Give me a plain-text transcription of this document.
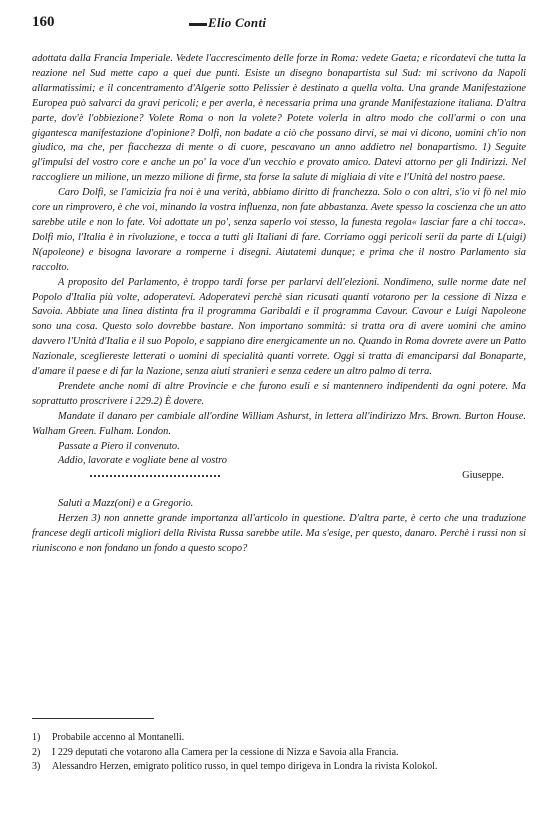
160	Elio Conti

adottata dalla Francia Imperiale. Vedete l'accrescimento delle forze in Roma: vedete Gaeta; e ricordatevi che tutta la reazione nel Sud mette capo a quei due punti. Esiste un disegno bonapartista sul Sud: mi scrivono da Napoli allarmatissimi; e il concentramento d'Algerie sotto Pelissier è destinato a quella volta. Una grande Manifestazione Europea può salvarci da gravi pericoli; e per averla, è necessaria prima una grande Manifestazione italiana. D'altra parte, dov'è l'obbiezione? Volete Roma o non la volete? Potete volerla in altro modo che coll'armi o con una gigantesca manifestazione d'opinione? Dolfi, non badate a ciò che possano dirvi, se mai vi dicono, uomini ch'io non giudico, ma che, per fiacchezza di mente o di cuore, pescavano un anno addietro nel bonapartismo. 1) Seguite gl'impulsi del vostro core e anche un po' la voce d'un vecchio e provato amico. Datevi attorno per gli Indirizzi. Nel raccogliere un milione, un mezzo milione di firme, sta forse la salute di migliaia di vite e l'Unità del nostro paese.

Caro Dolfi, se l'amicizia fra noi è una verità, abbiamo diritto di franchezza. Solo o con altri, s'io vi fò nel mio core un rimprovero, è che voi, minando la vostra influenza, non fate abbastanza. Avete spesso la coscienza che un atto sarebbe utile e non lo fate. Voi adottate un po', senza saperlo voi stesso, la funesta regola« lasciar fare a chi tocca». Dolfi mio, l'Italia è in rivoluzione, e tocca a tutti gli Italiani di fare. Corriamo oggi pericoli serii da parte di L(uigi) N(apoleone) e bisogna lavorare a romperne i disegni. Aiutatemi dunque; e prima che il nostro Parlamento sia raccolto.

A proposito del Parlamento, è troppo tardi forse per parlarvi dell'elezioni. Nondimeno, sulle norme date nel Popolo d'Italia più volte, adoperatevi. Adoperatevi perchè sian ricusati quanti votarono per la cessione di Nizza e Savoia. Abbiate una linea distinta fra il programma Garibaldi e il programma Cavour. Cavour e Luigi Napoleone sono una cosa. Questo solo dovrebbe bastare. Non importano sommità: si tratta ora di avere uomini che amino davvero l'Unità d'Italia e il suo Popolo, e sappiano dire energicamente un no. Quando in Roma dovrete avere un Patto Nazionale, scegliereste letterati o uomini di specialità quanti vorrete. Oggi si tratta di emanciparsi dal Bonaparte, d'amare il paese e di far la Nazione, senza aiuti stranieri e senza cedere un altro palmo di terra.

Prendete anche nomi di altre Provincie e che furono esuli e si mantennero indipendenti da ogni potere. Ma soprattutto proscrivere i 229.2) È dovere.

Mandate il danaro per cambiale all'ordine William Ashurst, in lettera all'indirizzo Mrs. Brown. Burton House. Walham Green. Fulham. London.

Passate a Piero il convenuto.

Addio, lavorate e vogliate bene al vostro

Giuseppe.

Saluti a Mazz(oni) e a Gregorio.

Herzen 3) non annette grande importanza all'articolo in questione. D'altra parte, è certo che una traduzione francese degli articoli migliori della Rivista Russa sarebbe utile. Ma s'esige, per questo, danaro. Perchè i russi non si riuniscono e non fondano un fondo a questo scopo?

1) Probabile accenno al Montanelli.

2) I 229 deputati che votarono alla Camera per la cessione di Nizza e Savoia alla Francia.

3) Alessandro Herzen, emigrato politico russo, in quel tempo dirigeva in Londra la rivista Kolokol.
